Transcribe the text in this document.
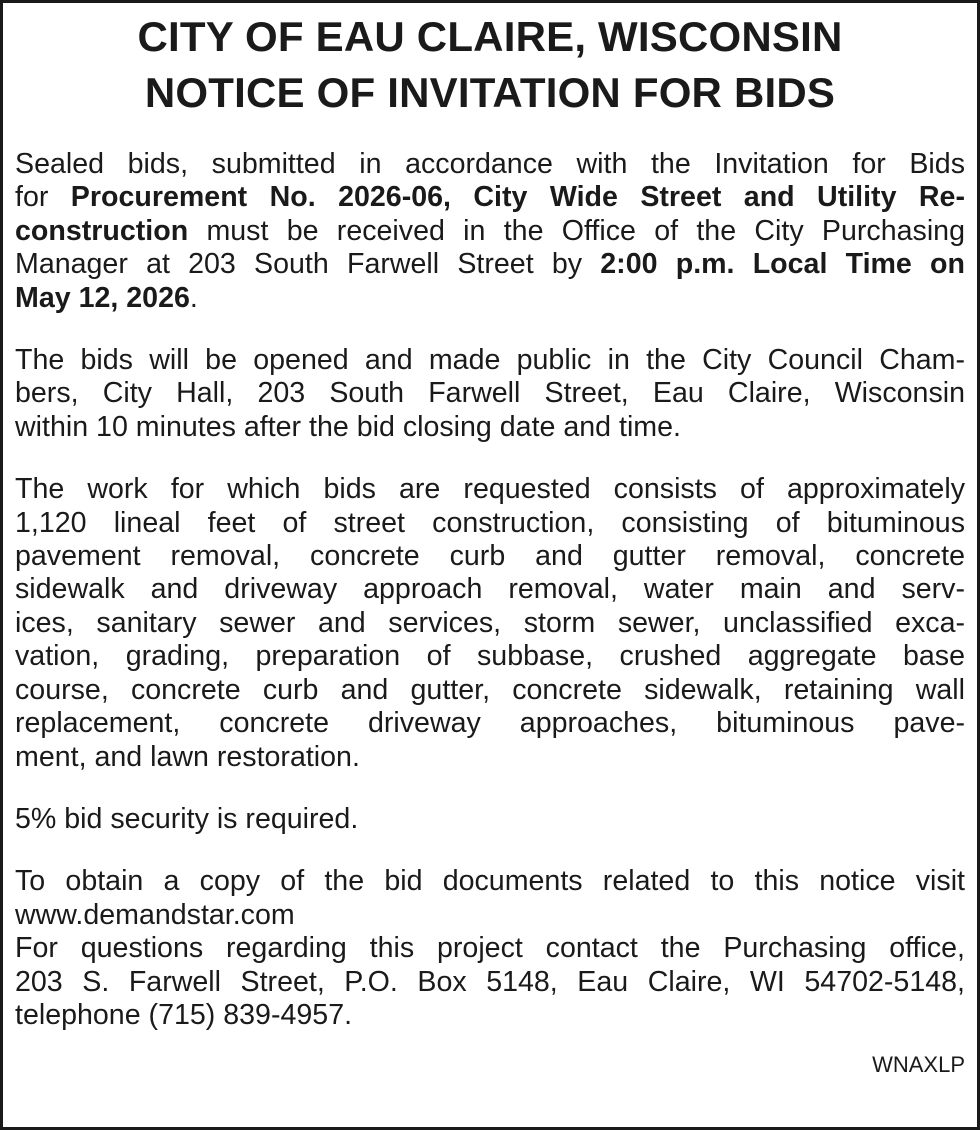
CITY OF EAU CLAIRE, WISCONSIN
NOTICE OF INVITATION FOR BIDS

Sealed bids, submitted in accordance with the Invitation for Bids
for Procurement No. 2026-06, City Wide Street and Utility Re-
construction must be received in the Office of the City Purchasing
Manager at 203 South Farwell Street by 2:00 p.m. Local Time on
May 12, 2026.

The bids will be opened and made public in the City Council Cham-
bers, City Hall, 203 South Farwell Street, Eau Claire, Wisconsin
within 10 minutes after the bid closing date and time.

The work for which bids are requested consists of approximately
1,120 lineal feet of street construction, consisting of bituminous
pavement removal, concrete curb and gutter removal, concrete
sidewalk and driveway approach removal, water main and serv-
ices, sanitary sewer and services, storm sewer, unclassified exca-
vation, grading, preparation of subbase, crushed aggregate base
course, concrete curb and gutter, concrete sidewalk, retaining wall
replacement, concrete driveway approaches, bituminous pave-
ment, and lawn restoration.

5% bid security is required.

To obtain a copy of the bid documents related to this notice visit
www.demandstar.com
For questions regarding this project contact the Purchasing office,
203 S. Farwell Street, P.O. Box 5148, Eau Claire, WI 54702-5148,
telephone (715) 839-4957.

WNAXLP
